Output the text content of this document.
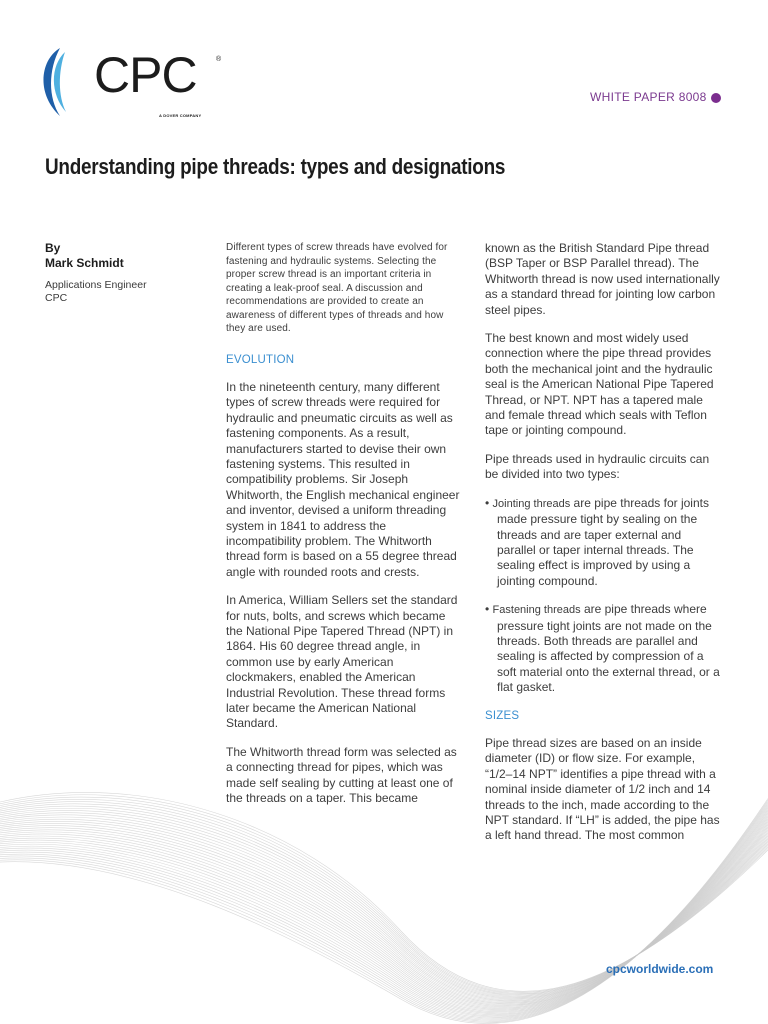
CPC	®
A DOVER COMPANY
WHITE PAPER 8008
Understanding pipe threads: types and designations
By
Mark Schmidt
Applications Engineer
CPC

Different types of screw threads have evolved for fastening and hydraulic systems. Selecting the proper screw thread is an important criteria in creating a leak-proof seal. A discussion and recommendations are provided to create an awareness of different types of threads and how they are used.

EVOLUTION

In the nineteenth century, many different types of screw threads were required for hydraulic and pneumatic circuits as well as fastening components. As a result, manufacturers started to devise their own fastening systems. This resulted in compatibility problems. Sir Joseph Whitworth, the English mechanical engineer and inventor, devised a uniform threading system in 1841 to address the incompatibility problem. The Whitworth thread form is based on a 55 degree thread angle with rounded roots and crests.

In America, William Sellers set the standard for nuts, bolts, and screws which became the National Pipe Tapered Thread (NPT) in 1864. His 60 degree thread angle, in common use by early American clockmakers, enabled the American Industrial Revolution. These thread forms later became the American National Standard.

The Whitworth thread form was selected as a connecting thread for pipes, which was made self sealing by cutting at least one of the threads on a taper. This became

known as the British Standard Pipe thread (BSP Taper or BSP Parallel thread). The Whitworth thread is now used internationally as a standard thread for jointing low carbon steel pipes.

The best known and most widely used connection where the pipe thread provides both the mechanical joint and the hydraulic seal is the American National Pipe Tapered Thread, or NPT. NPT has a tapered male and female thread which seals with Teflon tape or jointing compound.

Pipe threads used in hydraulic circuits can be divided into two types:

• Jointing threads are pipe threads for joints made pressure tight by sealing on the threads and are taper external and parallel or taper internal threads. The sealing effect is improved by using a jointing compound.

• Fastening threads are pipe threads where pressure tight joints are not made on the threads. Both threads are parallel and sealing is affected by compression of a soft material onto the external thread, or a flat gasket.

SIZES

Pipe thread sizes are based on an inside diameter (ID) or flow size. For example, “1/2–14 NPT” identifies a pipe thread with a nominal inside diameter of 1/2 inch and 14 threads to the inch, made according to the NPT standard. If “LH” is added, the pipe has a left hand thread. The most common

cpcworldwide.com
